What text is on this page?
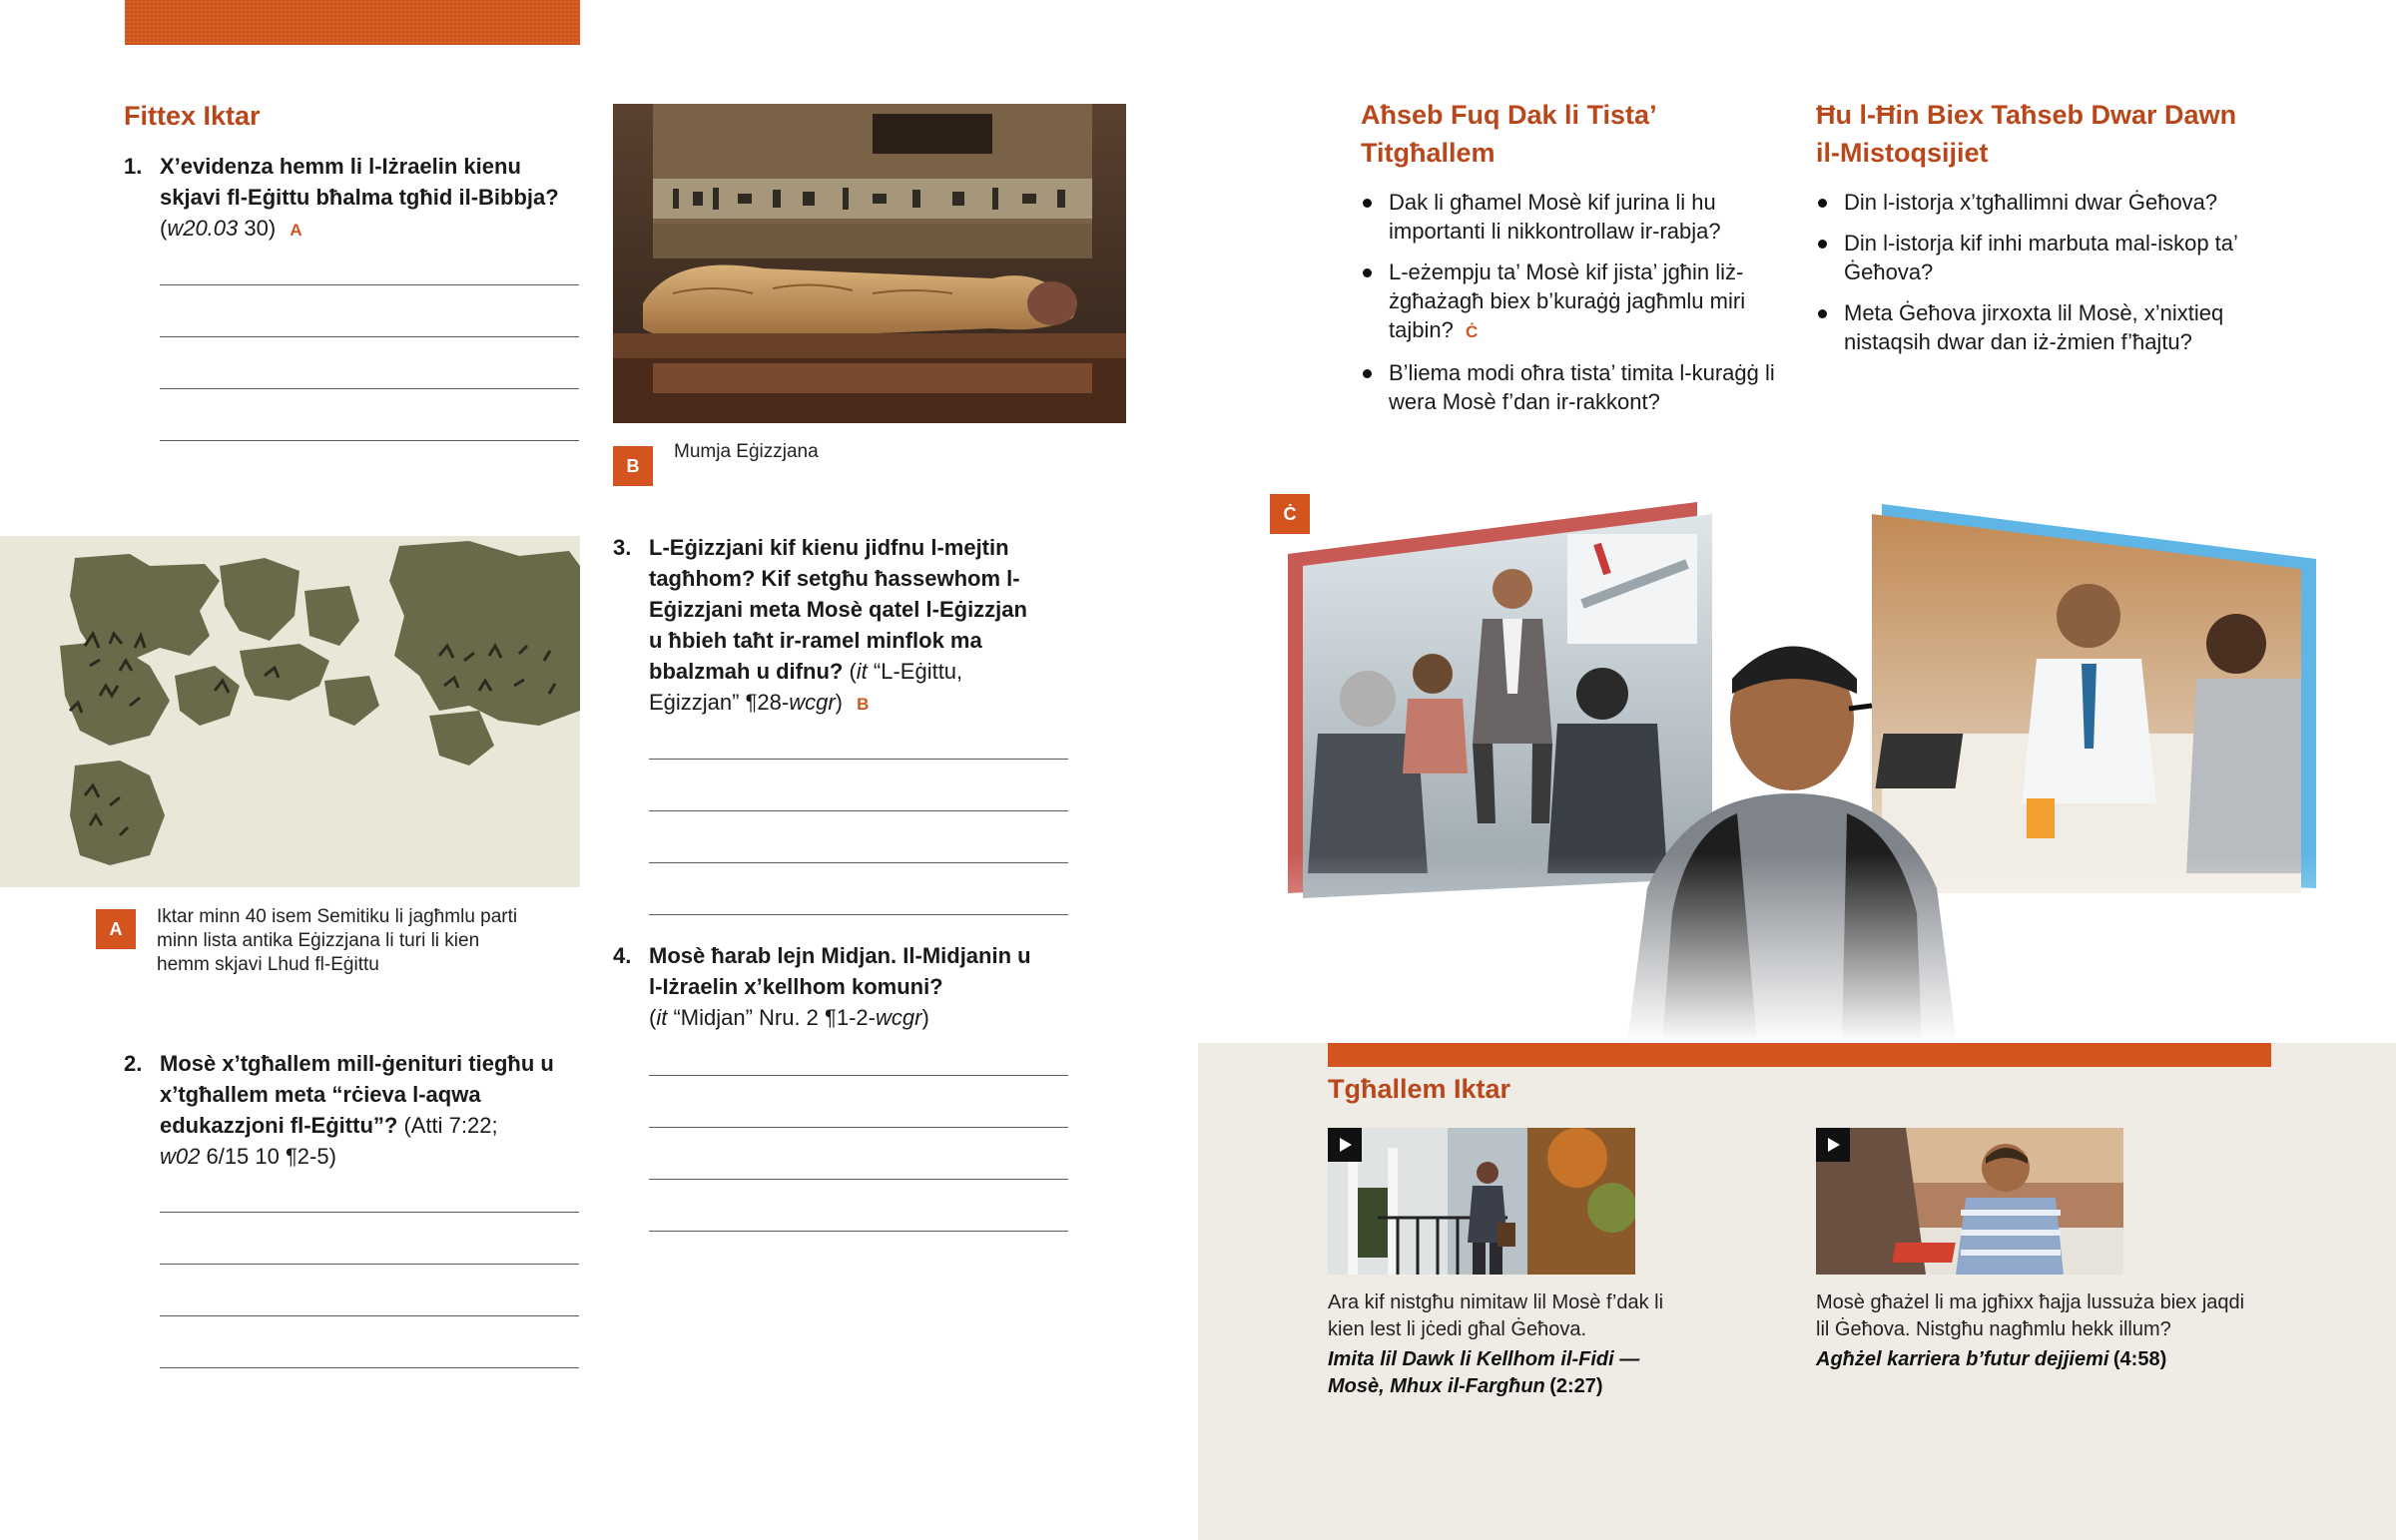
Fittex Iktar
1. X’evidenza hemm li l-Iżraelin kienu skjavi fl-Eġittu bħalma tgħid il-Bibbja?
(w20.03 30) A
A
Iktar minn 40 isem Semitiku li jagħmlu parti minn lista antika Eġizzjana li turi li kien hemm skjavi Lhud fl-Eġittu
2. Mosè x’tgħallem mill-ġenituri tiegħu u x’tgħallem meta “rċieva l-aqwa edukazzjoni fl-Eġittu”? (Atti 7:22;
w02 6/15 10 ¶2-5)
B
Mumja Eġizzjana
3. L-Eġizzjani kif kienu jidfnu l-mejtin tagħhom? Kif setgħu ħassewhom l-Eġizzjani meta Mosè qatel l-Eġizzjan u ħbieh taħt ir-ramel minflok ma bbalzmah u difnu? (it “L-Eġittu, Eġizzjan” ¶28-wcgr) B
4. Mosè ħarab lejn Midjan. Il-Midjanin u l-Iżraelin x’kellhom komuni?
(it “Midjan” Nru. 2 ¶1-2-wcgr)
Aħseb Fuq Dak li Tista’ Titgħallem
Dak li għamel Mosè kif jurina li hu importanti li nikkontrollaw ir-rabja?
L-eżempju ta’ Mosè kif jista’ jgħin liż-żgħażagħ biex b’kuraġġ jagħmlu miri tajbin? Ċ
B’liema modi oħra tista’ timita l-kuraġġ li wera Mosè f’dan ir-rakkont?
Ħu l-Ħin Biex Taħseb Dwar Dawn il-Mistoqsijiet
Din l-istorja x’tgħallimni dwar Ġeħova?
Din l-istorja kif inhi marbuta mal-iskop ta’ Ġeħova?
Meta Ġeħova jirxoxta lil Mosè, x’nixtieq nistaqsih dwar dan iż-żmien f’ħajtu?
Ċ
Tgħallem Iktar
Ara kif nistgħu nimitaw lil Mosè f’dak li kien lest li jċedi għal Ġeħova.
Imita lil Dawk li Kellhom il-Fidi —Mosè, Mhux il-Fargħun (2:27)
Mosè għażel li ma jgħixx ħajja lussuża biex jaqdi lil Ġeħova. Nistgħu nagħmlu hekk illum?
Agħżel karriera b’futur dejjiemi (4:58)
